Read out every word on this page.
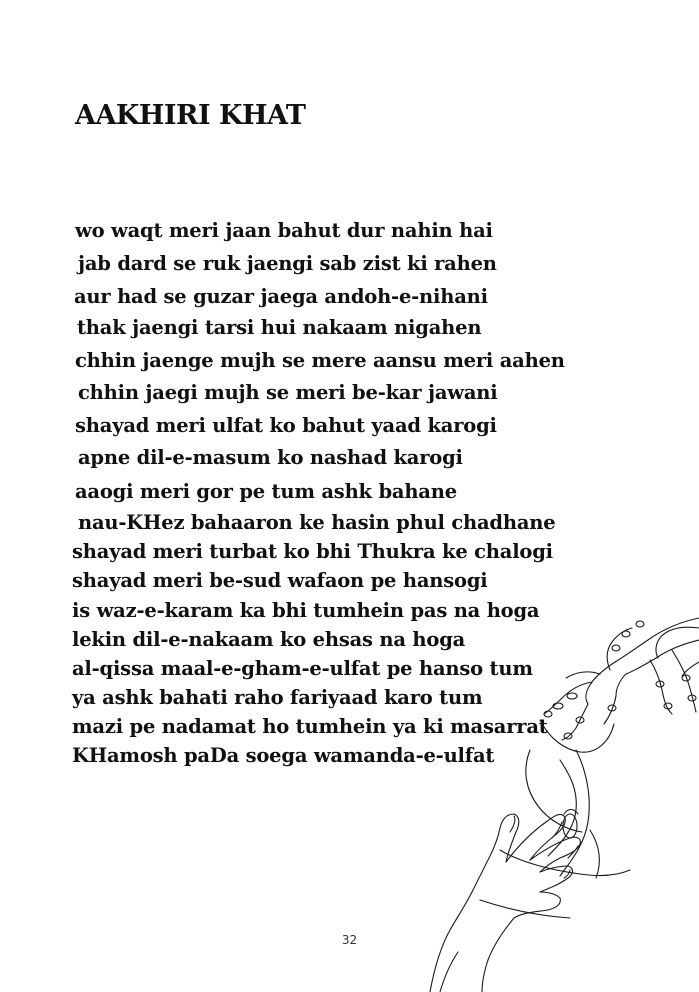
AAKHIRI KHAT

wo waqt meri jaan bahut dur nahin hai

jab dard se ruk jaengi sab zist ki rahen

aur had se guzar jaega andoh-e-nihani

thak jaengi tarsi hui nakaam nigahen

chhin jaenge mujh se mere aansu meri aahen

chhin jaegi mujh se meri be-kar jawani

shayad meri ulfat ko bahut yaad karogi

apne dil-e-masum ko nashad karogi

aaogi meri gor pe tum ashk bahane

nau-KHez bahaaron ke hasin phul chadhane

shayad meri turbat ko bhi Thukra ke chalogi

shayad meri be-sud wafaon pe hansogi

is waz-e-karam ka bhi tumhein pas na hoga

lekin dil-e-nakaam ko ehsas na hoga

al-qissa maal-e-gham-e-ulfat pe hanso tum

ya ashk bahati raho fariyaad karo tum

mazi pe nadamat ho tumhein ya ki masarrat

KHamosh paDa soega wamanda-e-ulfat

32
